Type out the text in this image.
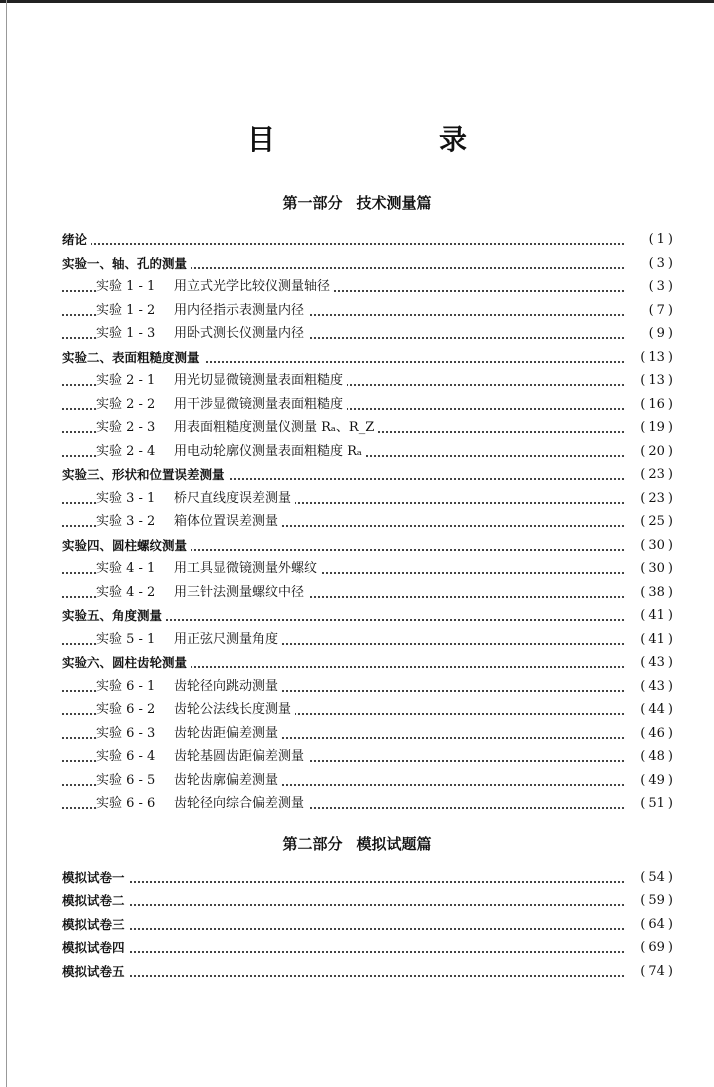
目　录
第一部分 技术测量篇
绪论	( 1 )
实验一、轴、孔的测量	( 3 )
实验 1 - 1 用立式光学比较仪测量轴径	( 3 )
实验 1 - 2 用内径指示表测量内径	( 7 )
实验 1 - 3 用卧式测长仪测量内径	( 9 )
实验二、表面粗糙度测量	( 13 )
实验 2 - 1 用光切显微镜测量表面粗糙度	( 13 )
实验 2 - 2 用干涉显微镜测量表面粗糙度	( 16 )
实验 2 - 3 用表面粗糙度测量仪测量 Rₐ、R_Z	( 19 )
实验 2 - 4 用电动轮廓仪测量表面粗糙度 Rₐ	( 20 )
实验三、形状和位置误差测量	( 23 )
实验 3 - 1 桥尺直线度误差测量	( 23 )
实验 3 - 2 箱体位置误差测量	( 25 )
实验四、圆柱螺纹测量	( 30 )
实验 4 - 1 用工具显微镜测量外螺纹	( 30 )
实验 4 - 2 用三针法测量螺纹中径	( 38 )
实验五、角度测量	( 41 )
实验 5 - 1 用正弦尺测量角度	( 41 )
实验六、圆柱齿轮测量	( 43 )
实验 6 - 1 齿轮径向跳动测量	( 43 )
实验 6 - 2 齿轮公法线长度测量	( 44 )
实验 6 - 3 齿轮齿距偏差测量	( 46 )
实验 6 - 4 齿轮基圆齿距偏差测量	( 48 )
实验 6 - 5 齿轮齿廓偏差测量	( 49 )
实验 6 - 6 齿轮径向综合偏差测量	( 51 )
第二部分 模拟试题篇
模拟试卷一	( 54 )
模拟试卷二	( 59 )
模拟试卷三	( 64 )
模拟试卷四	( 69 )
模拟试卷五	( 74 )
